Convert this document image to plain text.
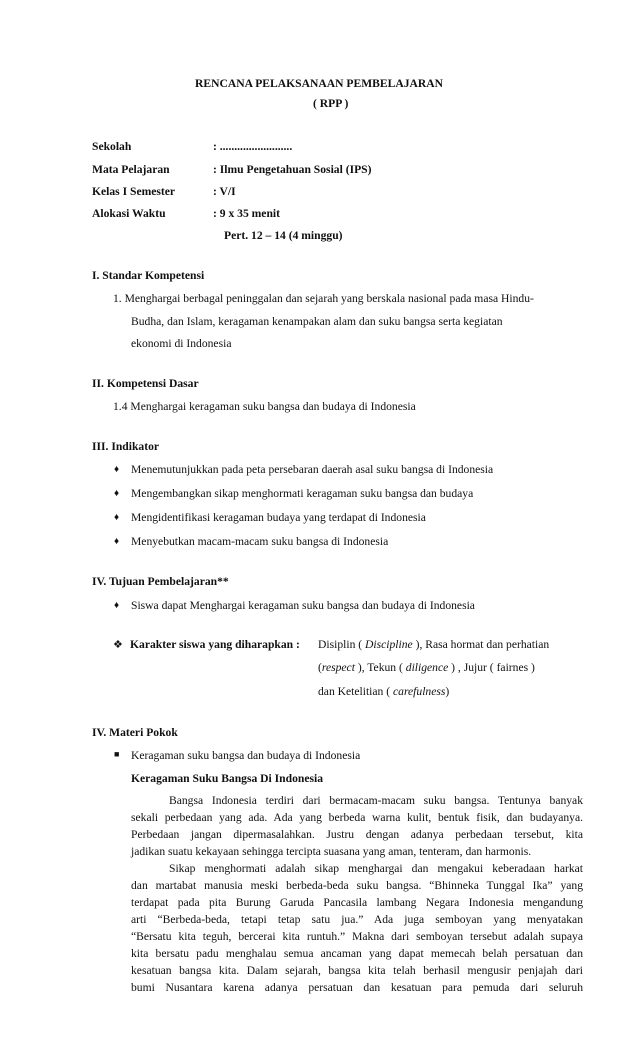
RENCANA PELAKSANAAN PEMBELAJARAN
( RPP )
Sekolah	: .........................
Mata Pelajaran	: Ilmu Pengetahuan Sosial (IPS)
Kelas I Semester	: V/I
Alokasi Waktu	: 9 x 35 menit
Pert. 12 – 14 (4 minggu)
I. Standar Kompetensi
1. Menghargai berbagal peninggalan dan sejarah yang berskala nasional pada masa Hindu-
Budha, dan Islam, keragaman kenampakan alam dan suku bangsa serta kegiatan
ekonomi di Indonesia
II. Kompetensi Dasar
1.4 Menghargai keragaman suku bangsa dan budaya di Indonesia
III. Indikator
♦ Menemutunjukkan pada peta persebaran daerah asal suku bangsa di Indonesia
♦ Mengembangkan sikap menghormati keragaman suku bangsa dan budaya
♦ Mengidentifikasi keragaman budaya yang terdapat di Indonesia
♦ Menyebutkan macam-macam suku bangsa di Indonesia
IV. Tujuan Pembelajaran**
♦ Siswa dapat Menghargai keragaman suku bangsa dan budaya di Indonesia
❖ Karakter siswa yang diharapkan : Disiplin ( Discipline ), Rasa hormat dan perhatian
(respect ), Tekun ( diligence ) , Jujur ( fairnes )
dan Ketelitian ( carefulness)
IV. Materi Pokok
■ Keragaman suku bangsa dan budaya di Indonesia
Keragaman Suku Bangsa Di Indonesia
Bangsa Indonesia terdiri dari bermacam-macam suku bangsa. Tentunya banyak
sekali perbedaan yang ada. Ada yang berbeda warna kulit, bentuk fisik, dan budayanya.
Perbedaan jangan dipermasalahkan. Justru dengan adanya perbedaan tersebut, kita
jadikan suatu kekayaan sehingga tercipta suasana yang aman, tenteram, dan harmonis.
Sikap menghormati adalah sikap menghargai dan mengakui keberadaan harkat
dan martabat manusia meski berbeda-beda suku bangsa. “Bhinneka Tunggal Ika” yang
terdapat pada pita Burung Garuda Pancasila lambang Negara Indonesia mengandung
arti “Berbeda-beda, tetapi tetap satu jua.” Ada juga semboyan yang menyatakan
“Bersatu kita teguh, bercerai kita runtuh.” Makna dari semboyan tersebut adalah supaya
kita bersatu padu menghalau semua ancaman yang dapat memecah belah persatuan dan
kesatuan bangsa kita. Dalam sejarah, bangsa kita telah berhasil mengusir penjajah dari
bumi Nusantara karena adanya persatuan dan kesatuan para pemuda dari seluruh
